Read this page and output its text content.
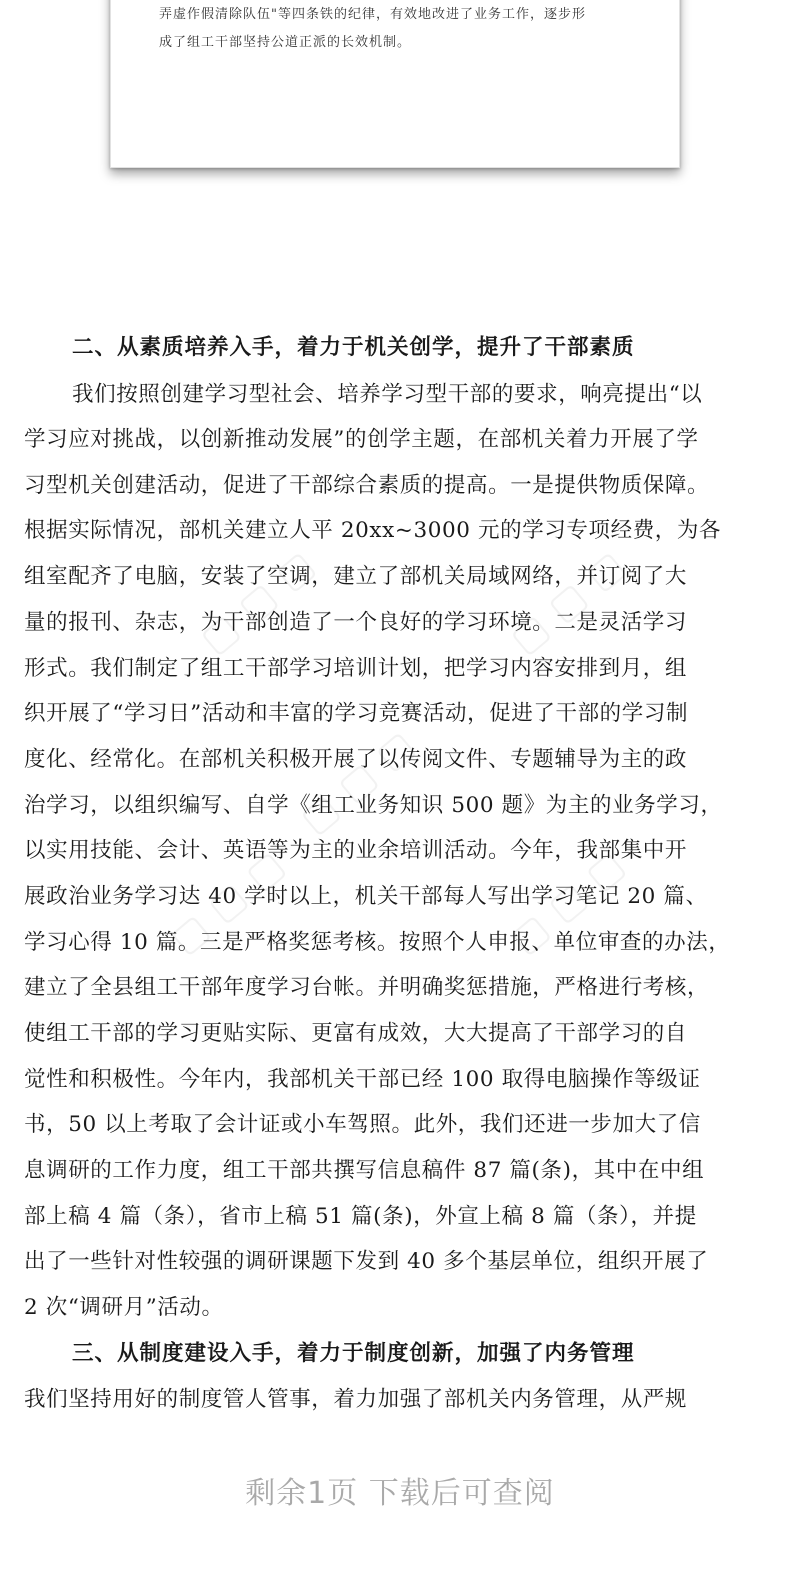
弄虚作假清除队伍"等四条铁的纪律，有效地改进了业务工作，逐步形
成了组工干部坚持公道正派的长效机制。
▢ ▢ ▢	▢ ▢ ▢
▢ ▢ ▢
▢ ▢ ▢	▢ ▢ ▢
二、从素质培养入手，着力于机关创学，提升了干部素质
我们按照创建学习型社会、培养学习型干部的要求，响亮提出“以
学习应对挑战，以创新推动发展”的创学主题，在部机关着力开展了学
习型机关创建活动，促进了干部综合素质的提高。一是提供物质保障。
根据实际情况，部机关建立人平 20xx~3000 元的学习专项经费，为各
组室配齐了电脑，安装了空调，建立了部机关局域网络，并订阅了大
量的报刊、杂志，为干部创造了一个良好的学习环境。二是灵活学习
形式。我们制定了组工干部学习培训计划，把学习内容安排到月，组
织开展了“学习日”活动和丰富的学习竞赛活动，促进了干部的学习制
度化、经常化。在部机关积极开展了以传阅文件、专题辅导为主的政
治学习，以组织编写、自学《组工业务知识 500 题》为主的业务学习，
以实用技能、会计、英语等为主的业余培训活动。今年，我部集中开
展政治业务学习达 40 学时以上，机关干部每人写出学习笔记 20 篇、
学习心得 10 篇。三是严格奖惩考核。按照个人申报、单位审查的办法，
建立了全县组工干部年度学习台帐。并明确奖惩措施，严格进行考核，
使组工干部的学习更贴实际、更富有成效，大大提高了干部学习的自
觉性和积极性。今年内，我部机关干部已经 100 取得电脑操作等级证
书，50 以上考取了会计证或小车驾照。此外，我们还进一步加大了信
息调研的工作力度，组工干部共撰写信息稿件 87 篇(条)，其中在中组
部上稿 4 篇（条），省市上稿 51 篇(条)，外宣上稿 8 篇（条），并提
出了一些针对性较强的调研课题下发到 40 多个基层单位，组织开展了
2 次“调研月”活动。
三、从制度建设入手，着力于制度创新，加强了内务管理
我们坚持用好的制度管人管事，着力加强了部机关内务管理，从严规
剩余1页 下载后可查阅
